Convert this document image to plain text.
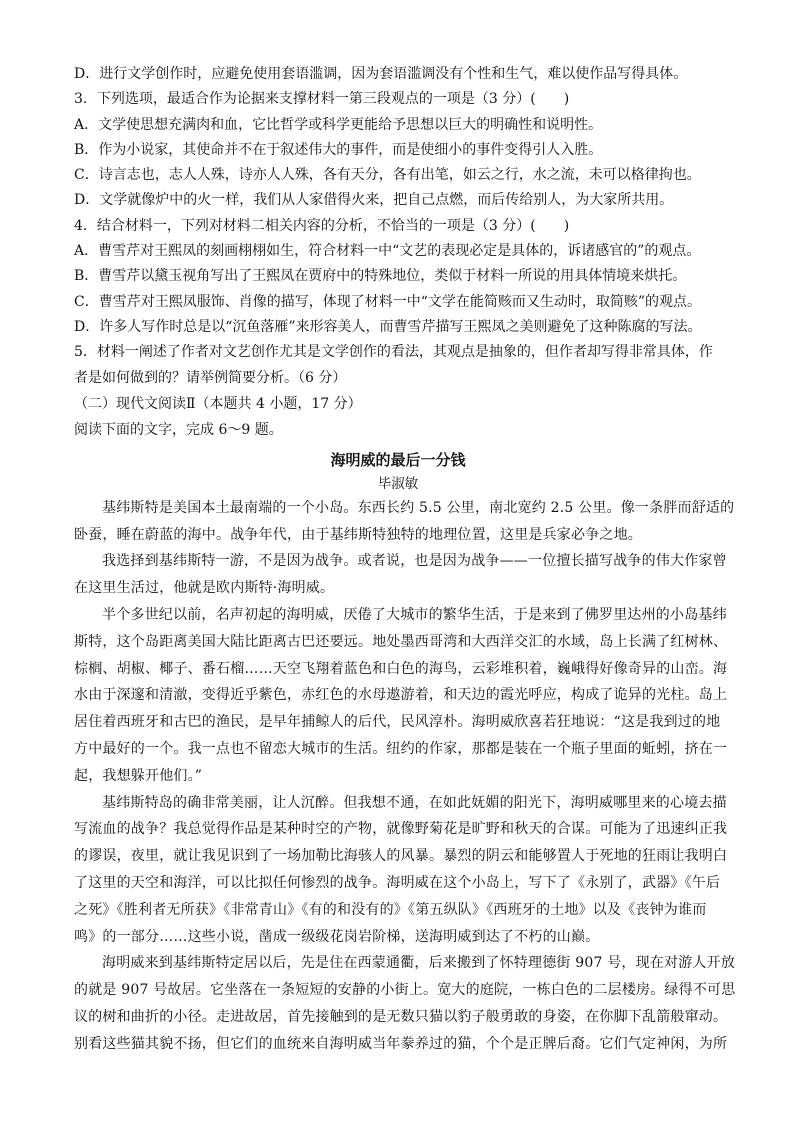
D．进行文学创作时，应避免使用套语滥调，因为套语滥调没有个性和生气，难以使作品写得具体。
3．下列选项，最适合作为论据来支撑材料一第三段观点的一项是（3 分）(　　)
A．文学使思想充满肉和血，它比哲学或科学更能给予思想以巨大的明确性和说明性。
B．作为小说家，其使命并不在于叙述伟大的事件，而是使细小的事件变得引人入胜。
C．诗言志也，志人人殊，诗亦人人殊，各有天分，各有出笔，如云之行，水之流，未可以格律拘也。
D．文学就像炉中的火一样，我们从人家借得火来，把自己点燃，而后传给别人，为大家所共用。
4．结合材料一，下列对材料二相关内容的分析，不恰当的一项是（3 分）(　　)
A．曹雪芹对王熙凤的刻画栩栩如生，符合材料一中“文艺的表现必定是具体的，诉诸感官的”的观点。
B．曹雪芹以黛玉视角写出了王熙凤在贾府中的特殊地位，类似于材料一所说的用具体情境来烘托。
C．曹雪芹对王熙凤服饰、肖像的描写，体现了材料一中“文学在能简赅而又生动时，取简赅”的观点。
D．许多人写作时总是以“沉鱼落雁”来形容美人，而曹雪芹描写王熙凤之美则避免了这种陈腐的写法。
5．材料一阐述了作者对文艺创作尤其是文学创作的看法，其观点是抽象的，但作者却写得非常具体，作
者是如何做到的？请举例简要分析。（6 分）
（二）现代文阅读Ⅱ（本题共 4 小题，17 分）
阅读下面的文字，完成 6～9 题。
海明威的最后一分钱
毕淑敏
基纬斯特是美国本土最南端的一个小岛。东西长约 5.5 公里，南北宽约 2.5 公里。像一条胖而舒适的
卧蚕，睡在蔚蓝的海中。战争年代，由于基纬斯特独特的地理位置，这里是兵家必争之地。
我选择到基纬斯特一游，不是因为战争。或者说，也是因为战争——一位擅长描写战争的伟大作家曾
在这里生活过，他就是欧内斯特·海明威。
半个多世纪以前，名声初起的海明威，厌倦了大城市的繁华生活，于是来到了佛罗里达州的小岛基纬
斯特，这个岛距离美国大陆比距离古巴还要远。地处墨西哥湾和大西洋交汇的水域，岛上长满了红树林、
棕榈、胡椒、椰子、番石榴……天空飞翔着蓝色和白色的海鸟，云彩堆积着，巍峨得好像奇异的山峦。海
水由于深邃和清澈，变得近乎紫色，赤红色的水母遨游着，和天边的霞光呼应，构成了诡异的光柱。岛上
居住着西班牙和古巴的渔民，是早年捕鲸人的后代，民风淳朴。海明威欣喜若狂地说：“这是我到过的地
方中最好的一个。我一点也不留恋大城市的生活。纽约的作家，那都是装在一个瓶子里面的蚯蚓，挤在一
起，我想躲开他们。”
基纬斯特岛的确非常美丽，让人沉醉。但我想不通，在如此妩媚的阳光下，海明威哪里来的心境去描
写流血的战争？我总觉得作品是某种时空的产物，就像野菊花是旷野和秋天的合谋。可能为了迅速纠正我
的谬误，夜里，就让我见识到了一场加勒比海骇人的风暴。暴烈的阴云和能够置人于死地的狂雨让我明白
了这里的天空和海洋，可以比拟任何惨烈的战争。海明威在这个小岛上，写下了《永别了，武器》《午后
之死》《胜利者无所获》《非常青山》《有的和没有的》《第五纵队》《西班牙的土地》以及《丧钟为谁而
鸣》的一部分……这些小说，凿成一级级花岗岩阶梯，送海明威到达了不朽的山巅。
海明威来到基纬斯特定居以后，先是住在西蒙通衢，后来搬到了怀特理德街 907 号，现在对游人开放
的就是 907 号故居。它坐落在一条短短的安静的小街上。宽大的庭院，一栋白色的二层楼房。绿得不可思
议的树和曲折的小径。走进故居，首先接触到的是无数只猫以豹子般勇敢的身姿，在你脚下乱箭般窜动。
别看这些猫其貌不扬，但它们的血统来自海明威当年豢养过的猫，个个是正牌后裔。它们气定神闲，为所
